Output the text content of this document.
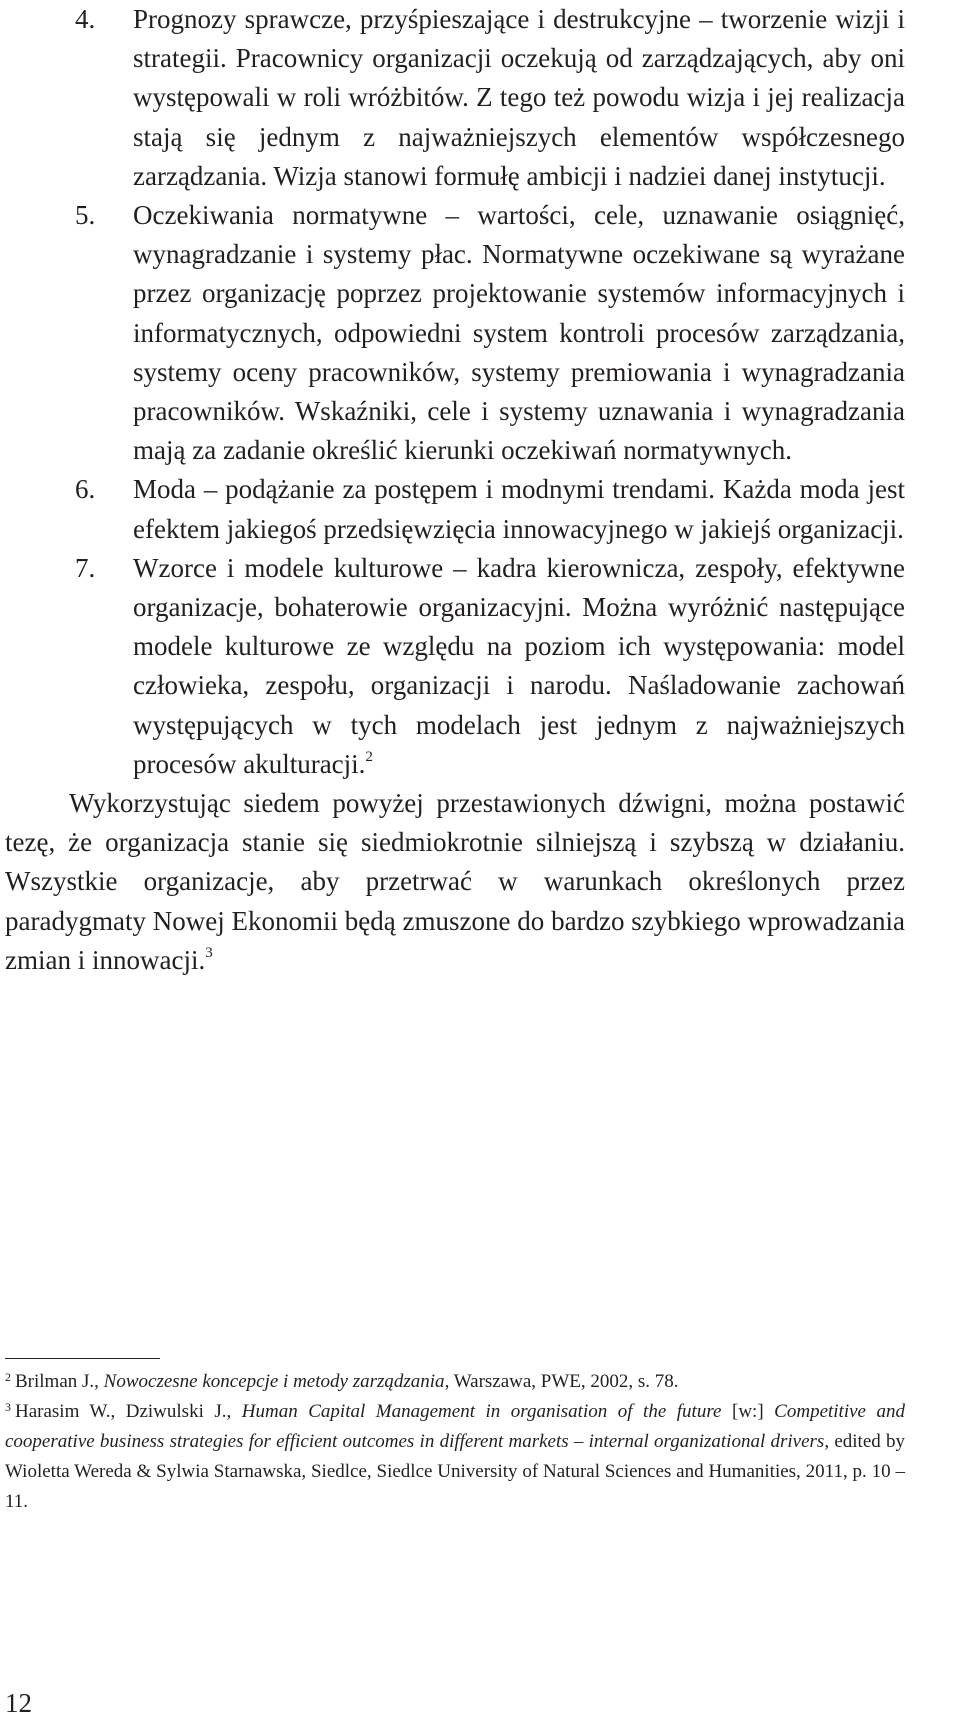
4.	Prognozy sprawcze, przyśpieszające i destrukcyjne – tworzenie wizji i strategii. Pracownicy organizacji oczekują od zarządzających, aby oni występowali w roli wróżbitów. Z tego też powodu wizja i jej realizacja stają się jednym z najważniejszych elementów współczesnego zarządzania. Wizja stanowi formułę ambicji i nadziei danej instytucji.
5.	Oczekiwania normatywne – wartości, cele, uznawanie osiągnięć, wynagradzanie i systemy płac. Normatywne oczekiwane są wyrażane przez organizację poprzez projektowanie systemów informacyjnych i informatycznych, odpowiedni system kontroli procesów zarządzania, systemy oceny pracowników, systemy premiowania i wynagradzania pracowników. Wskaźniki, cele i systemy uznawania i wynagradzania mają za zadanie określić kierunki oczekiwań normatywnych.
6.	Moda – podążanie za postępem i modnymi trendami. Każda moda jest efektem jakiegoś przedsięwzięcia innowacyjnego w jakiejś organizacji.
7.	Wzorce i modele kulturowe – kadra kierownicza, zespoły, efektywne organizacje, bohaterowie organizacyjni. Można wyróżnić następujące modele kulturowe ze względu na poziom ich występowania: model człowieka, zespołu, organizacji i narodu. Naśladowanie zachowań występujących w tych modelach jest jednym z najważniejszych procesów akulturacji.$^2$

Wykorzystując siedem powyżej przestawionych dźwigni, można postawić tezę, że organizacja stanie się siedmiokrotnie silniejszą i szybszą w działaniu. Wszystkie organizacje, aby przetrwać w warunkach określonych przez paradygmaty Nowej Ekonomii będą zmuszone do bardzo szybkiego wprowadzania zmian i innowacji.$^3$

$^2$ Brilman J., Nowoczesne koncepcje i metody zarządzania, Warszawa, PWE, 2002, s. 78.
$^3$ Harasim W., Dziwulski J., Human Capital Management in organisation of the future [w:] Competitive and cooperative business strategies for efficient outcomes in different markets – internal organizational drivers, edited by Wioletta Wereda & Sylwia Starnawska, Siedlce, Siedlce University of Natural Sciences and Humanities, 2011, p. 10 – 11.
12
